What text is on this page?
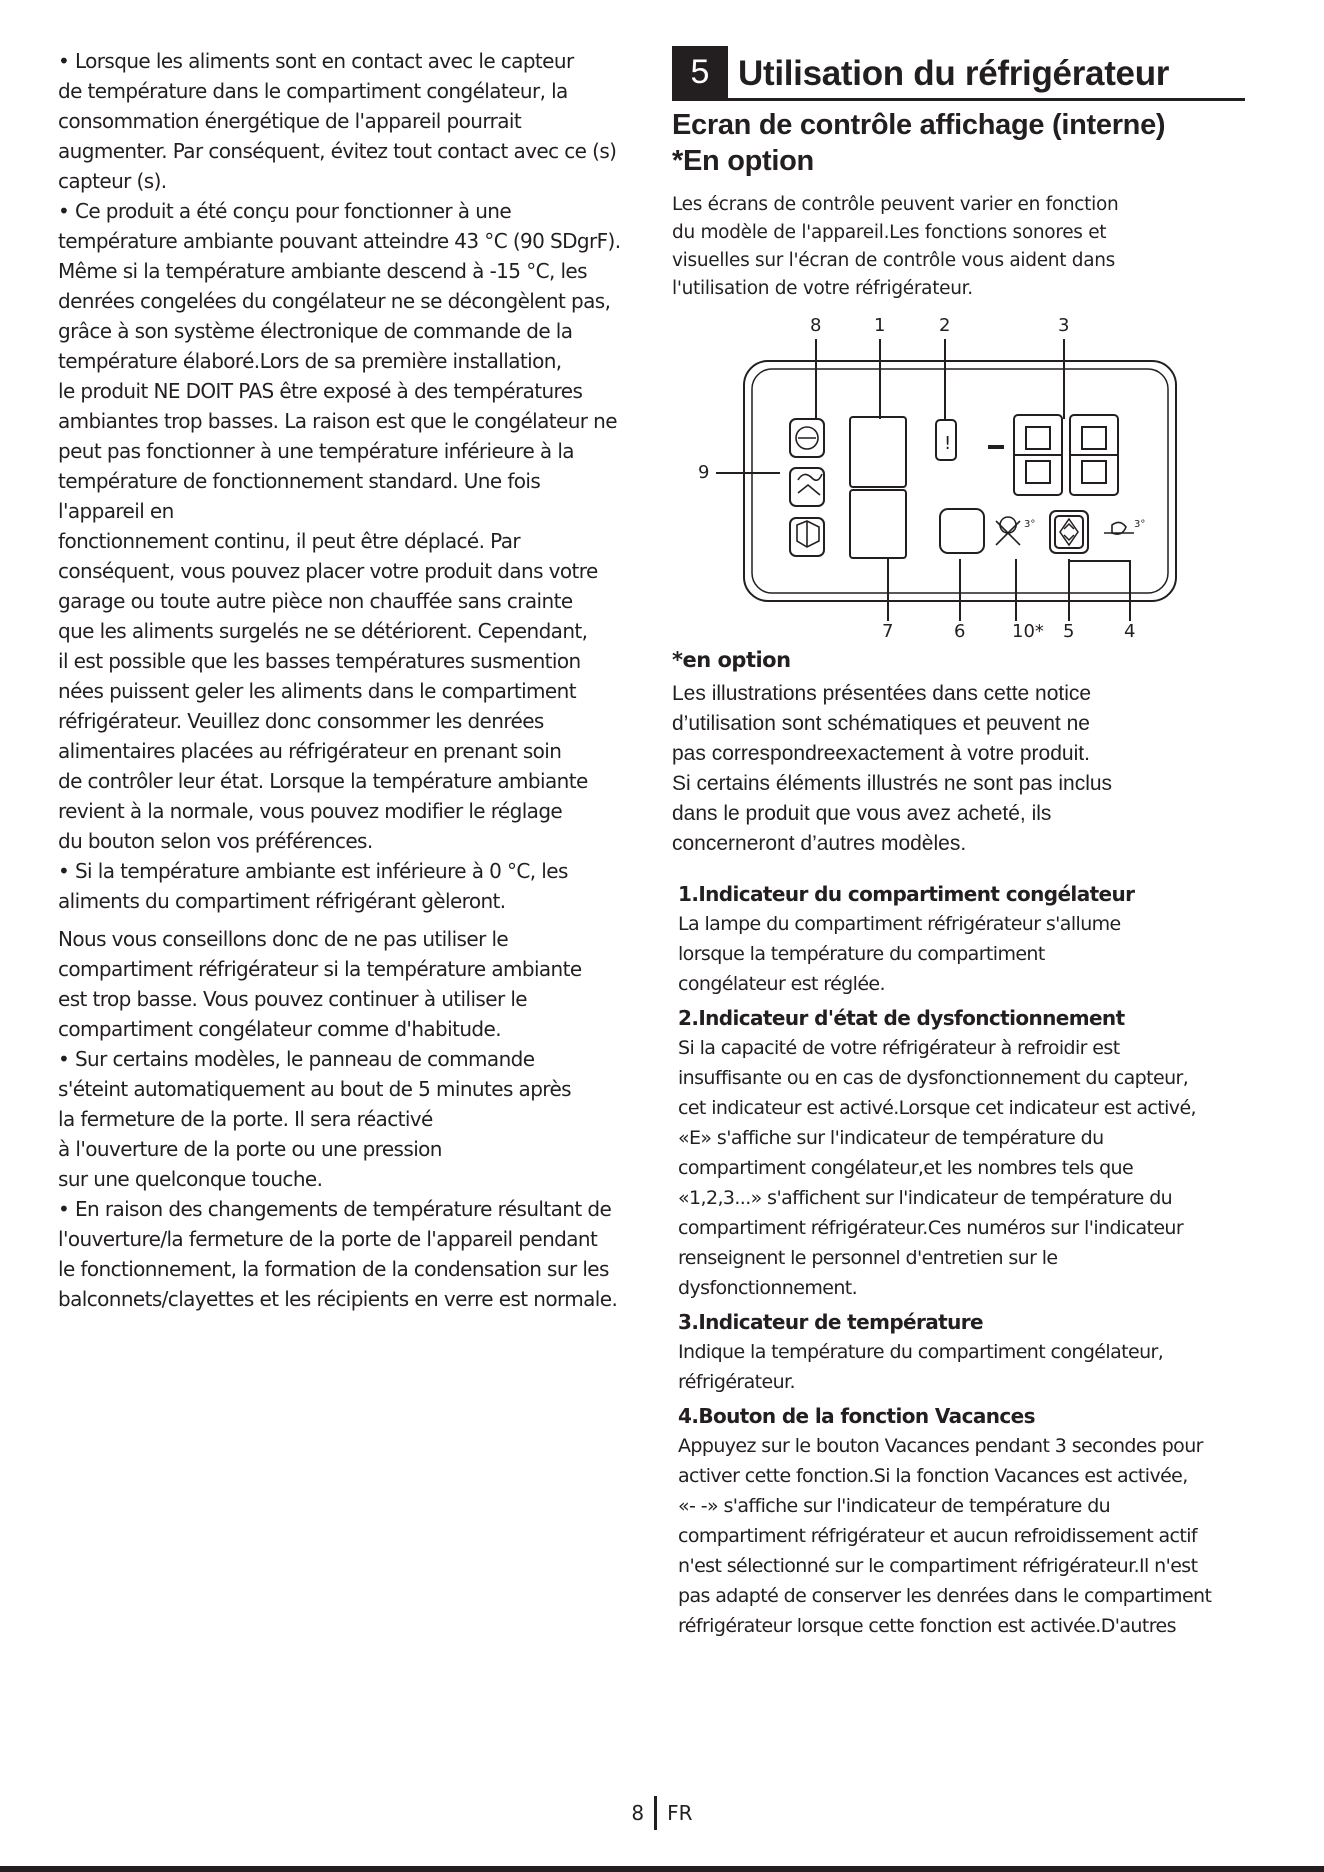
• Lorsque les aliments sont en contact avec le capteur

de température dans le compartiment congélateur, la

consommation énergétique de l'appareil pourrait

augmenter. Par conséquent, évitez tout contact avec ce (s)

capteur (s).

• Ce produit a été conçu pour fonctionner à une

température ambiante pouvant atteindre 43 °C (90 SDgrF).

Même si la température ambiante descend à -15 °C, les

denrées congelées du congélateur ne se décongèlent pas,

grâce à son système électronique de commande de la

température élaboré.Lors de sa première installation,

le produit NE DOIT PAS être exposé à des températures

ambiantes trop basses. La raison est que le congélateur ne

peut pas fonctionner à une température inférieure à la

température de fonctionnement standard. Une fois

l'appareil en

fonctionnement continu, il peut être déplacé. Par

conséquent, vous pouvez placer votre produit dans votre

garage ou toute autre pièce non chauffée sans crainte

que les aliments surgelés ne se détériorent. Cependant,

il est possible que les basses températures susmention

nées puissent geler les aliments dans le compartiment

réfrigérateur. Veuillez donc consommer les denrées

alimentaires placées au réfrigérateur en prenant soin

de contrôler leur état. Lorsque la température ambiante

revient à la normale, vous pouvez modifier le réglage

du bouton selon vos préférences.

• Si la température ambiante est inférieure à 0 °C, les

aliments du compartiment réfrigérant gèleront.

Nous vous conseillons donc de ne pas utiliser le

compartiment réfrigérateur si la température ambiante

est trop basse. Vous pouvez continuer à utiliser le

compartiment congélateur comme d'habitude.

• Sur certains modèles, le panneau de commande

s'éteint automatiquement au bout de 5 minutes après

la fermeture de la porte. Il sera réactivé

à l'ouverture de la porte ou une pression

sur une quelconque touche.

• En raison des changements de température résultant de

l'ouverture/la fermeture de la porte de l'appareil pendant

le fonctionnement, la formation de la condensation sur les

balconnets/clayettes et les récipients en verre est normale.

5 Utilisation du réfrigérateur
Ecran de contrôle affichage (interne)
*En option
Les écrans de contrôle peuvent varier en fonction
du modèle de l'appareil.Les fonctions sonores et
visuelles sur l'écran de contrôle vous aident dans
l'utilisation de votre réfrigérateur.
!
3°	3°
8	1	2	3
9
7	6	10* 5	4
*en option
Les illustrations présentées dans cette notice
d’utilisation sont schématiques et peuvent ne
pas correspondreexactement à votre produit.
Si certains éléments illustrés ne sont pas inclus
dans le produit que vous avez acheté, ils
concerneront d’autres modèles.
1.Indicateur du compartiment congélateur
La lampe du compartiment réfrigérateur s'allume
lorsque la température du compartiment
congélateur est réglée.
2.Indicateur d'état de dysfonctionnement
Si la capacité de votre réfrigérateur à refroidir est
insuffisante ou en cas de dysfonctionnement du capteur,
cet indicateur est activé.Lorsque cet indicateur est activé,
«E» s'affiche sur l'indicateur de température du
compartiment congélateur,et les nombres tels que
«1,2,3...» s'affichent sur l'indicateur de température du
compartiment réfrigérateur.Ces numéros sur l'indicateur
renseignent le personnel d'entretien sur le
dysfonctionnement.
3.Indicateur de température
Indique la température du compartiment congélateur,
réfrigérateur.
4.Bouton de la fonction Vacances
Appuyez sur le bouton Vacances pendant 3 secondes pour
activer cette fonction.Si la fonction Vacances est activée,
«- -» s'affiche sur l'indicateur de température du
compartiment réfrigérateur et aucun refroidissement actif
n'est sélectionné sur le compartiment réfrigérateur.Il n'est
pas adapté de conserver les denrées dans le compartiment
réfrigérateur lorsque cette fonction est activée.D'autres
8 FR
